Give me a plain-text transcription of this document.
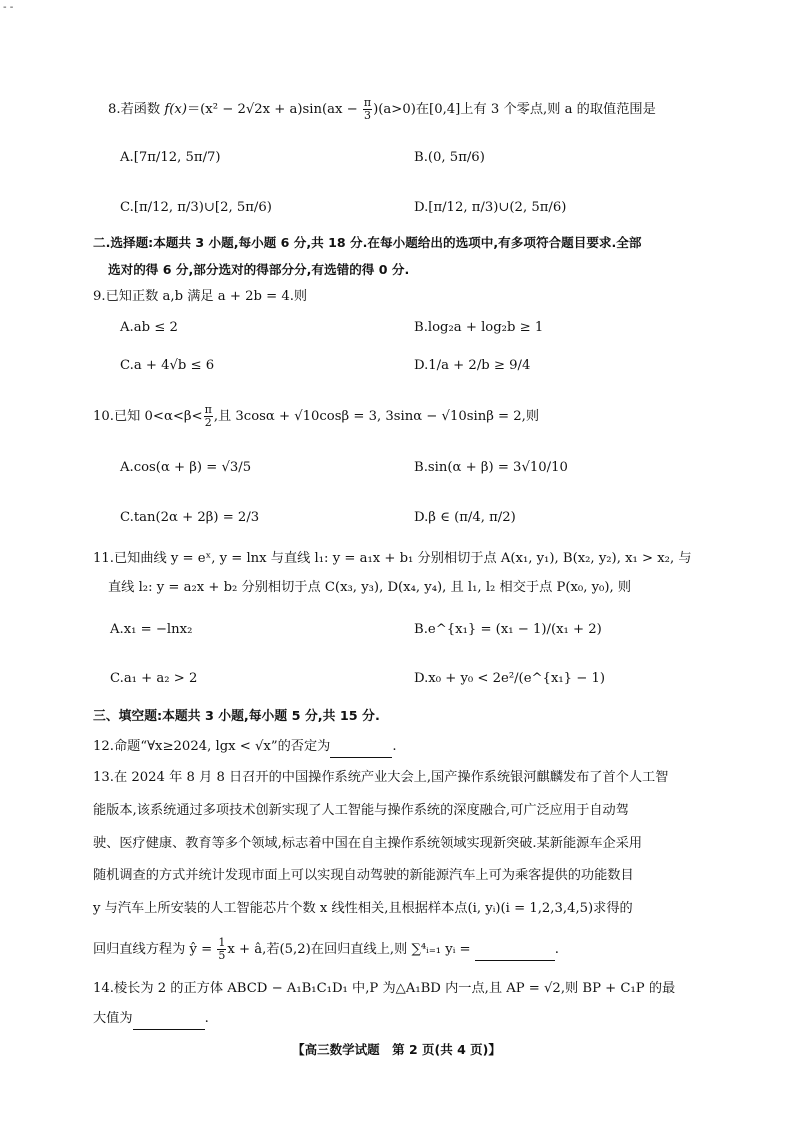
- -
8.若函数 $f(x)=(x^2 - 2√2x + a)\sin(ax - \frac{\pi}{3} )(a>0)$在[0,4]上有 3 个零点,则 a 的取值范围是
A.[7π/12, 5π/7)	B.(0, 5π/6)
C.[π/12, π/3)∪[2, 5π/6)	D.[π/12, π/3)∪(2, 5π/6)
二.选择题:本题共 3 小题,每小题 6 分,共 18 分.在每小题给出的选项中,有多项符合题目要求.全部
选对的得 6 分,部分选对的得部分分,有选错的得 0 分.
9.已知正数 a,b 满足 a + 2b = 4.则
A.ab ≤ 2	B.log₂a + log₂b ≥ 1
C.a + 4√b ≤ 6	D.1/a + 2/b ≥ 9/4
10.已知 $0<\alpha<\beta< \frac{\pi}{2}$ ,且 3cosα + √10cosβ = 3, 3sinα − √10sinβ = 2,则
A.cos(α + β) = √3/5	B.sin(α + β) = 3√10/10
C.tan(2α + 2β) = 2/3	D.β ∈ (π/4, π/2)
11.已知曲线 y = eˣ, y = lnx 与直线 l₁: y = a₁x + b₁ 分别相切于点 A(x₁, y₁), B(x₂, y₂), x₁ > x₂, 与
直线 l₂: y = a₂x + b₂ 分别相切于点 C(x₃, y₃), D(x₄, y₄), 且 l₁, l₂ 相交于点 P(x₀, y₀), 则
A.x₁ = −lnx₂	B.e^{x₁} = (x₁ − 1)/(x₁ + 2)
C.a₁ + a₂ > 2	D.x₀ + y₀ < 2e²/(e^{x₁} − 1)
三、填空题:本题共 3 小题,每小题 5 分,共 15 分.
12.命题“∀x≥2024, lgx < √x”的否定为	.
13.在 2024 年 8 月 8 日召开的中国操作系统产业大会上,国产操作系统银河麒麟发布了首个人工智
能版本,该系统通过多项技术创新实现了人工智能与操作系统的深度融合,可广泛应用于自动驾
驶、医疗健康、教育等多个领域,标志着中国在自主操作系统领域实现新突破.某新能源车企采用
随机调查的方式并统计发现市面上可以实现自动驾驶的新能源汽车上可为乘客提供的功能数目
y 与汽车上所安装的人工智能芯片个数 x 线性相关,且根据样本点(i, yᵢ)(i = 1,2,3,4,5)求得的
回归直线方程为 ŷ = $\frac{1}{5}$ x + â,若(5,2)在回归直线上,则 ∑⁴ᵢ₌₁ yᵢ =	.
14.棱长为 2 的正方体 ABCD − A₁B₁C₁D₁ 中,P 为△A₁BD 内一点,且 AP = √2,则 BP + C₁P 的最
大值为	.
【高三数学试题　第 2 页(共 4 页)】
